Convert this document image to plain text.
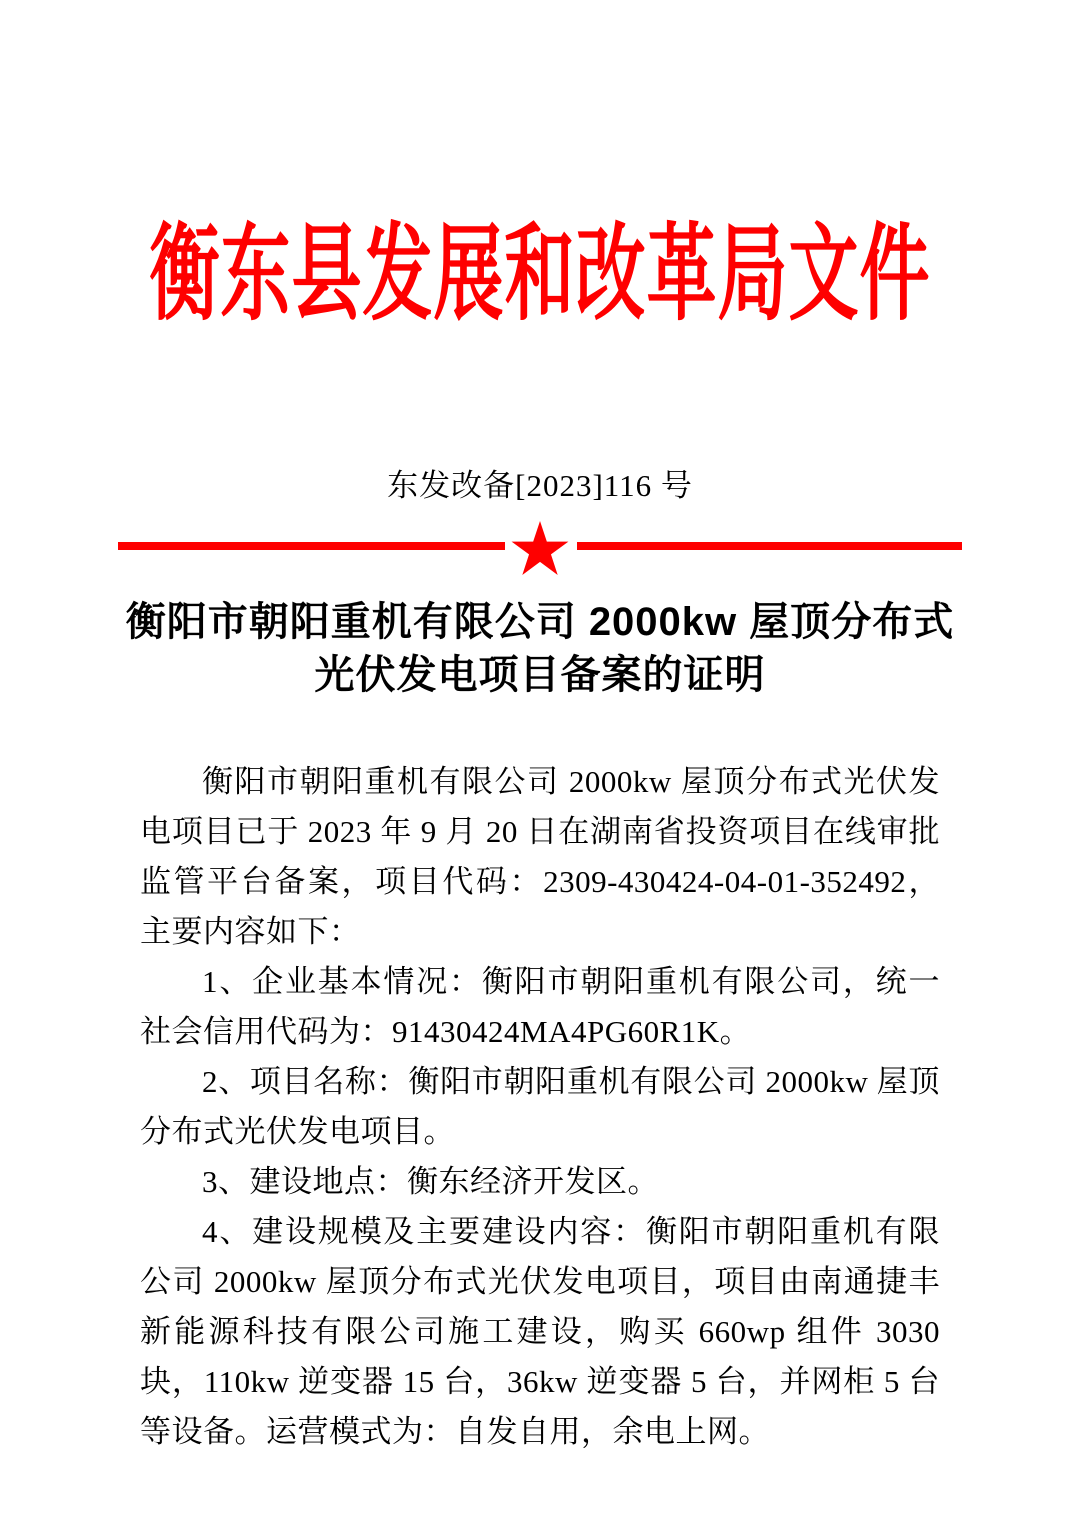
衡东县发展和改革局文件
东发改备[2023]116 号
衡阳市朝阳重机有限公司 2000kw 屋顶分布式
光伏发电项目备案的证明

衡阳市朝阳重机有限公司 2000kw 屋顶分布式光伏发电项目已于 2023 年 9 月 20 日在湖南省投资项目在线审批监管平台备案，项目代码：2309-430424-04-01-352492，主要内容如下：

1、企业基本情况：衡阳市朝阳重机有限公司，统一社会信用代码为：91430424MA4PG60R1K。

2、项目名称：衡阳市朝阳重机有限公司 2000kw 屋顶分布式光伏发电项目。

3、建设地点：衡东经济开发区。

4、建设规模及主要建设内容：衡阳市朝阳重机有限公司 2000kw 屋顶分布式光伏发电项目，项目由南通捷丰新能源科技有限公司施工建设，购买 660wp 组件 3030 块，110kw 逆变器 15 台，36kw 逆变器 5 台，并网柜 5 台等设备。运营模式为：自发自用，余电上网。
